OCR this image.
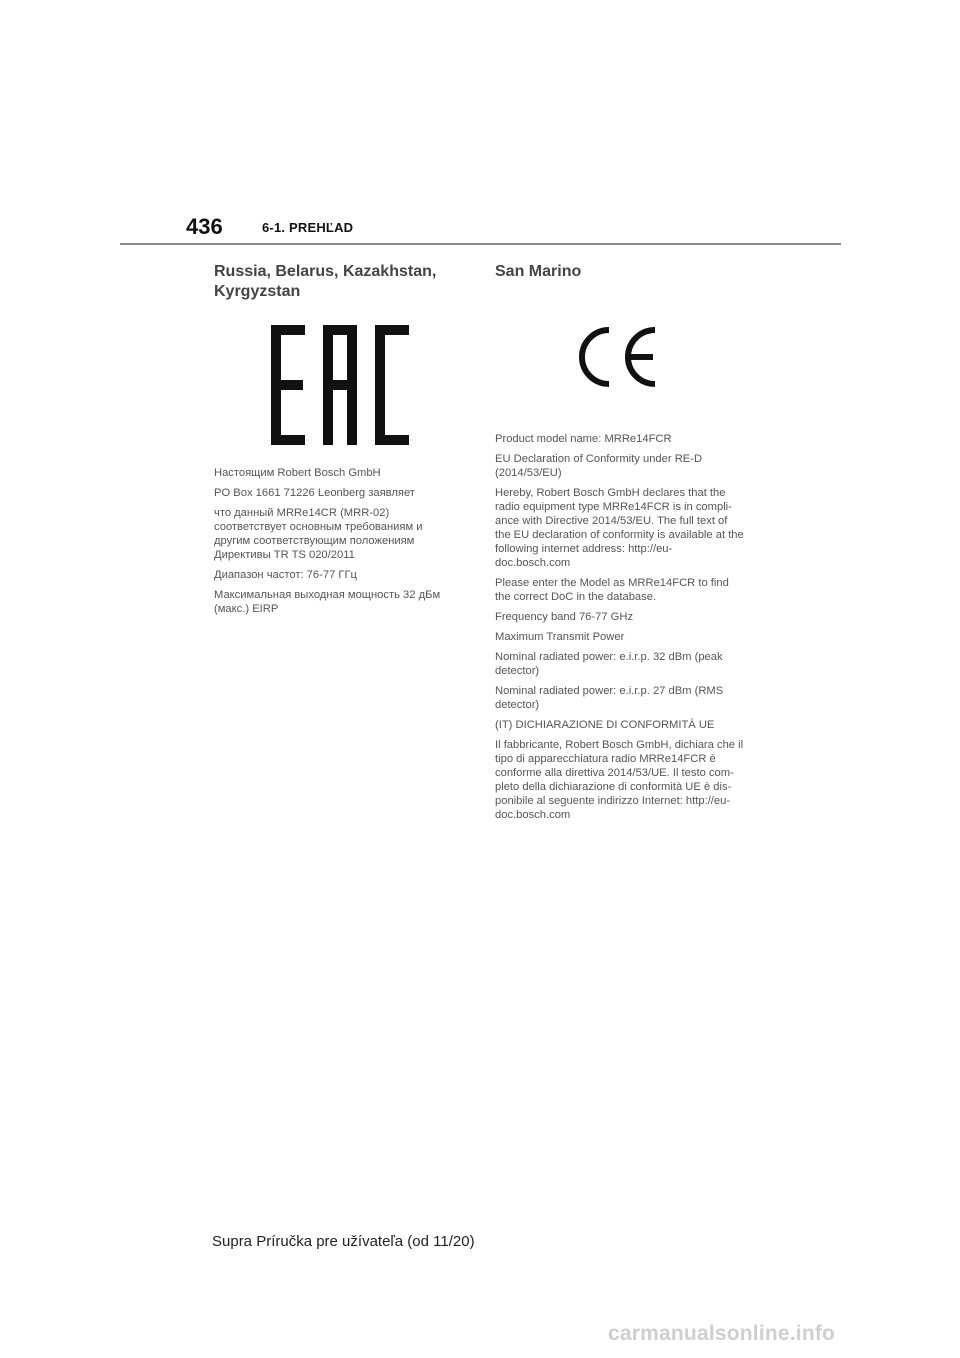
436	6-1. PREHĽAD
Russia, Belarus, Kazakhstan, Kyrgyzstan

Настоящим Robert Bosch GmbH

PO Box 1661 71226 Leonberg заявляет

что данный MRRe14CR (MRR-02) соответствует основным требованиям и другим соответствующим положениям Директивы TR TS 020/2011

Диапазон частот: 76-77 ГГц

Максимальная выходная мощность 32 дБм (макс.) EIRP

San Marino

Product model name: MRRe14FCR

EU Declaration of Conformity under RE-D (2014/53/EU)

Hereby, Robert Bosch GmbH declares that the radio equipment type MRRe14FCR is in compli-ance with Directive 2014/53/EU. The full text of the EU declaration of conformity is available at the following internet address: http://eu-doc.bosch.com

Please enter the Model as MRRe14FCR to find the correct DoC in the database.

Frequency band 76-77 GHz

Maximum Transmit Power

Nominal radiated power: e.i.r.p. 32 dBm (peak detector)

Nominal radiated power: e.i.r.p. 27 dBm (RMS detector)

(IT) DICHIARAZIONE DI CONFORMITÀ UE

Il fabbricante, Robert Bosch GmbH, dichiara che il tipo di apparecchiatura radio MRRe14FCR è conforme alla direttiva 2014/53/UE. Il testo com-pleto della dichiarazione di conformità UE è dis-ponibile al seguente indirizzo Internet: http://eu-doc.bosch.com

Supra Príručka pre užívateľa (od 11/20)
carmanualsonline.info
